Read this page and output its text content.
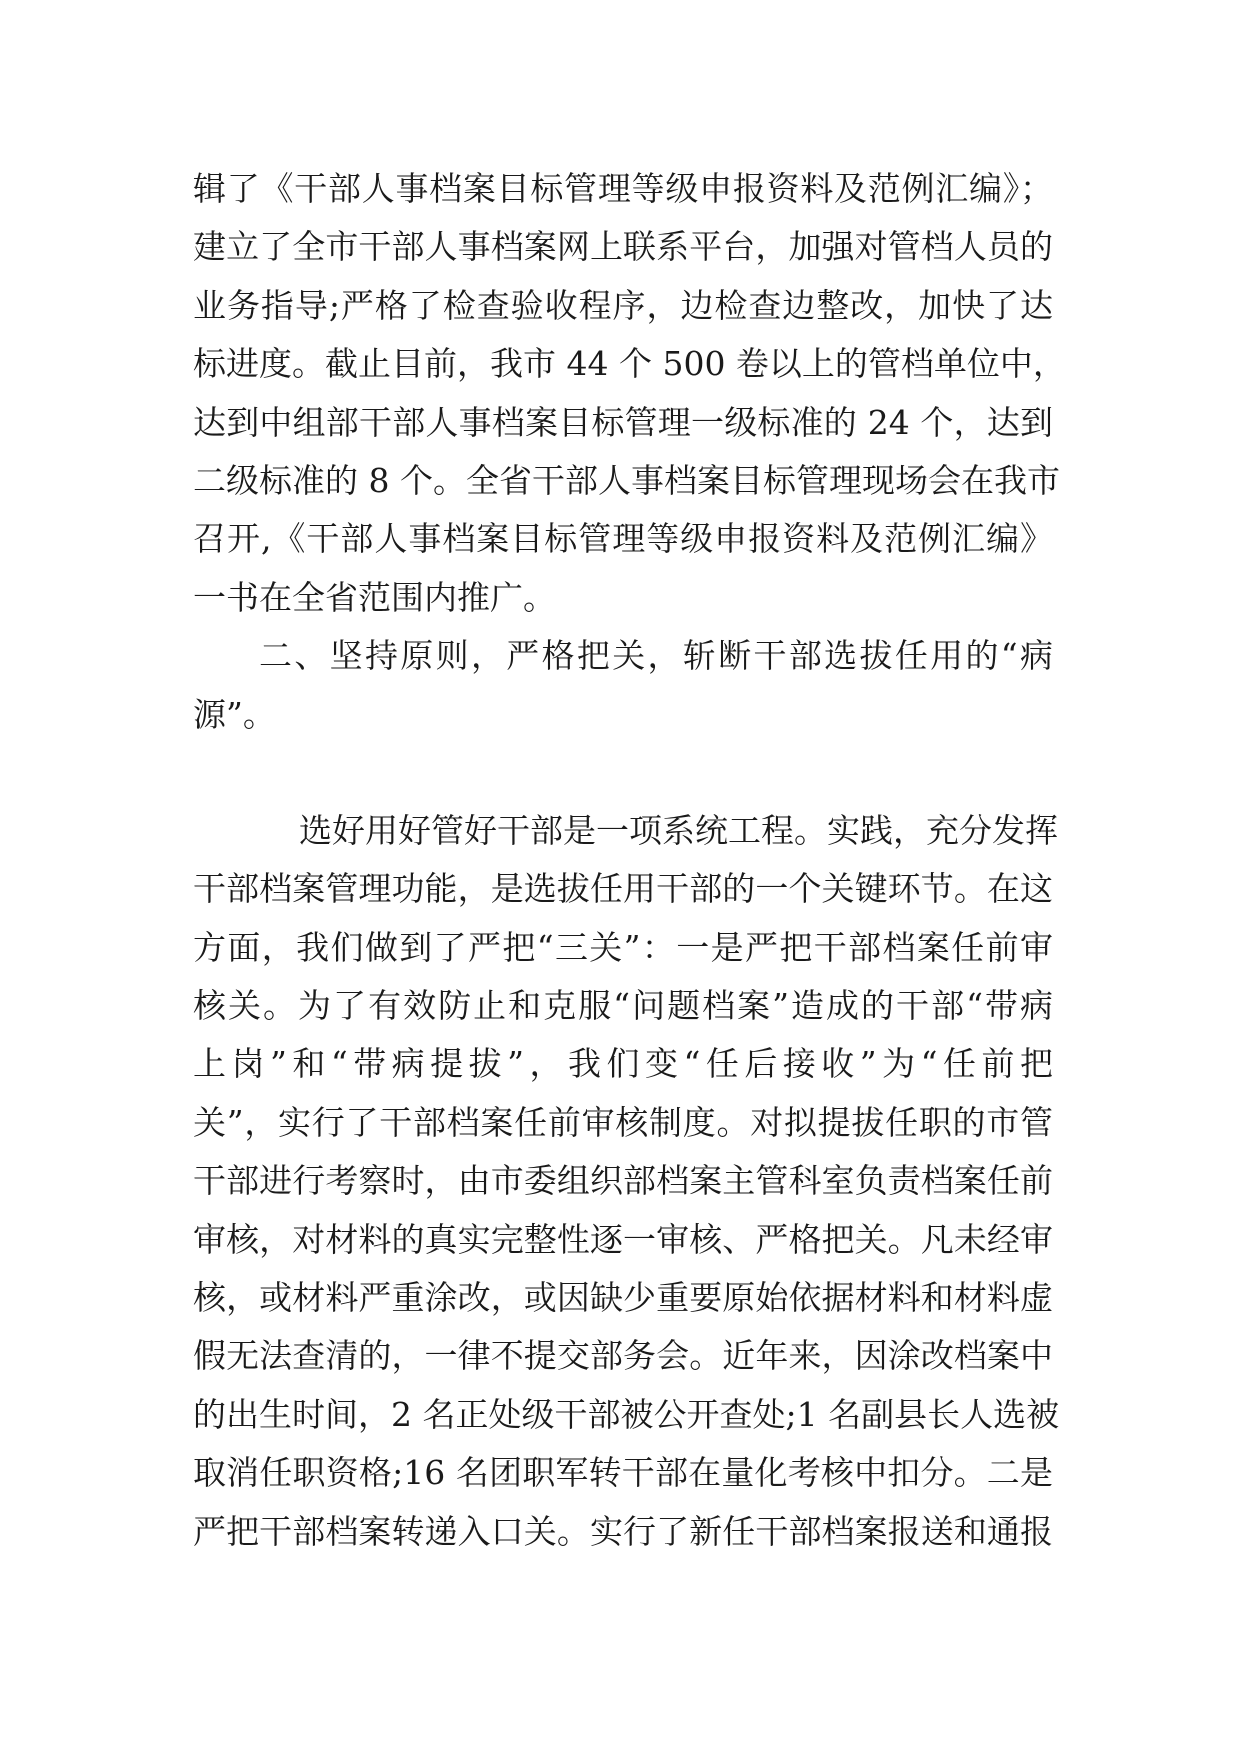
辑了《干部人事档案目标管理等级申报资料及范例汇编》；
建立了全市干部人事档案网上联系平台，加强对管档人员的
业务指导;严格了检查验收程序，边检查边整改，加快了达
标进度。截止目前，我市 44 个 500 卷以上的管档单位中，
达到中组部干部人事档案目标管理一级标准的 24 个，达到
二级标准的 8 个。全省干部人事档案目标管理现场会在我市
召开,《干部人事档案目标管理等级申报资料及范例汇编》
一书在全省范围内推广。
二、坚持原则，严格把关，斩断干部选拔任用的“病
源”。
选好用好管好干部是一项系统工程。实践，充分发挥
干部档案管理功能，是选拔任用干部的一个关键环节。在这
方面，我们做到了严把“三关”：一是严把干部档案任前审
核关。为了有效防止和克服“问题档案”造成的干部“带病
上岗”和“带病提拔”，我们变“任后接收”为“任前把
关”，实行了干部档案任前审核制度。对拟提拔任职的市管
干部进行考察时，由市委组织部档案主管科室负责档案任前
审核，对材料的真实完整性逐一审核、严格把关。凡未经审
核，或材料严重涂改，或因缺少重要原始依据材料和材料虚
假无法查清的，一律不提交部务会。近年来，因涂改档案中
的出生时间，2 名正处级干部被公开查处;1 名副县长人选被
取消任职资格;16 名团职军转干部在量化考核中扣分。二是
严把干部档案转递入口关。实行了新任干部档案报送和通报
